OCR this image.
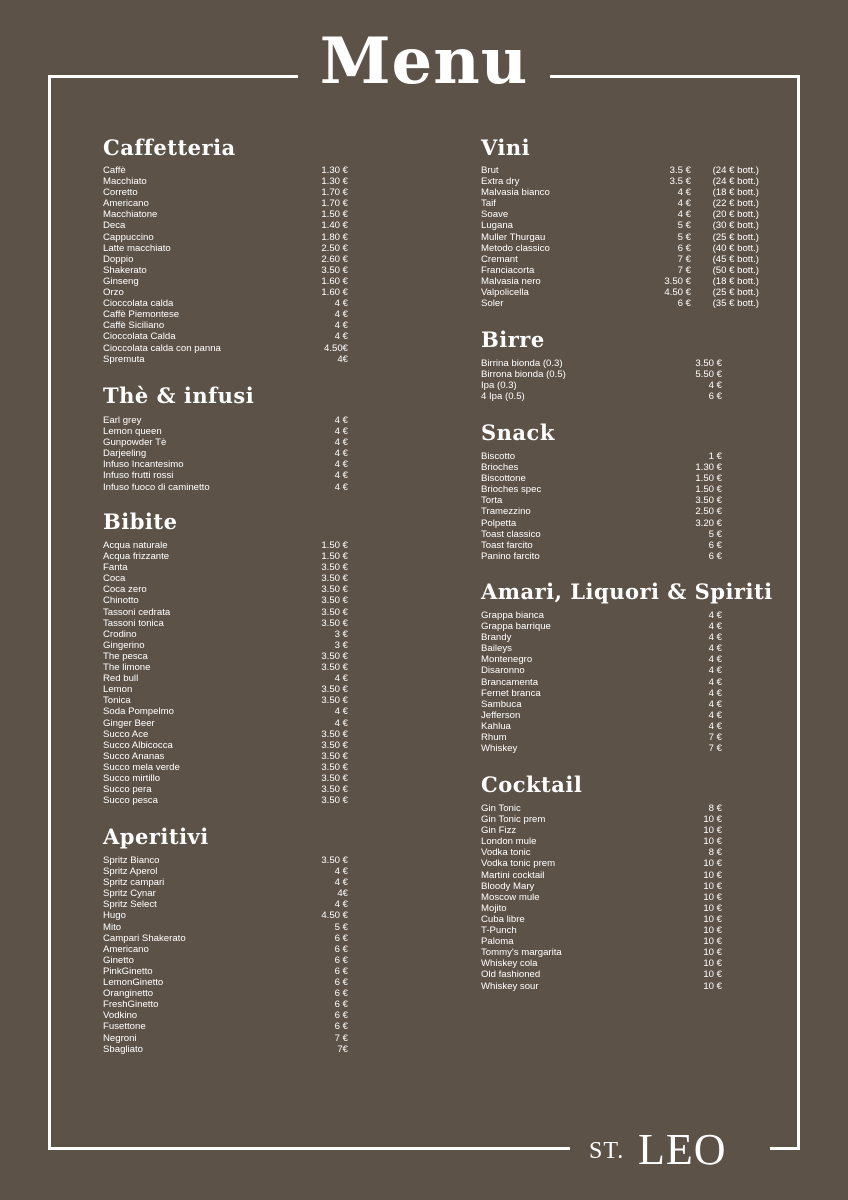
Menu
ST. LEO
Caffetteria
Caffè	1.30 €
Macchiato	1.30 €
Corretto	1.70 €
Americano	1.70 €
Macchiatone	1.50 €
Deca	1.40 €
Cappuccino	1.80 €
Latte macchiato	2.50 €
Doppio	2.60 €
Shakerato	3.50 €
Ginseng	1.60 €
Orzo	1.60 €
Cioccolata calda	4 €
Caffè Piemontese	4 €
Caffè Siciliano	4 €
Cioccolata Calda	4 €
Cioccolata calda con panna	4.50€
Spremuta	4€
Thè & infusi
Earl grey	4 €
Lemon queen	4 €
Gunpowder Tè	4 €
Darjeeling	4 €
Infuso Incantesimo	4 €
Infuso frutti rossi	4 €
Infuso fuoco di caminetto	4 €
Bibite
Acqua naturale	1.50 €
Acqua frizzante	1.50 €
Fanta	3.50 €
Coca	3.50 €
Coca zero	3.50 €
Chinotto	3.50 €
Tassoni cedrata	3.50 €
Tassoni tonica	3.50 €
Crodino	3 €
Gingerino	3 €
The pesca	3.50 €
The limone	3.50 €
Red bull	4 €
Lemon	3.50 €
Tonica	3.50 €
Soda Pompelmo	4 €
Ginger Beer	4 €
Succo Ace	3.50 €
Succo Albicocca	3.50 €
Succo Ananas	3.50 €
Succo mela verde	3.50 €
Succo mirtillo	3.50 €
Succo pera	3.50 €
Succo pesca	3.50 €
Aperitivi
Spritz Bianco	3.50 €
Spritz Aperol	4 €
Spritz campari	4 €
Spritz Cynar	4€
Spritz Select	4 €
Hugo	4.50 €
Mito	5 €
Campari Shakerato	6 €
Americano	6 €
Ginetto	6 €
PinkGinetto	6 €
LemonGinetto	6 €
Oranginetto	6 €
FreshGinetto	6 €
Vodkino	6 €
Fusettone	6 €
Negroni	7 €
Sbagliato	7€
Vini
Brut	3.5 € (24 € bott.)
Extra dry	3.5 € (24 € bott.)
Malvasia bianco	4 € (18 € bott.)
Taif	4 € (22 € bott.)
Soave	4 € (20 € bott.)
Lugana	5 € (30 € bott.)
Muller Thurgau	5 € (25 € bott.)
Metodo classico	6 € (40 € bott.)
Cremant	7 € (45 € bott.)
Franciacorta	7 € (50 € bott.)
Malvasia nero	3.50 € (18 € bott.)
Valpolicella	4.50 € (25 € bott.)
Soler	6 € (35 € bott.)
Birre
Birrina bionda (0.3)	3.50 €
Birrona bionda (0.5)	5.50 €
Ipa (0.3)	4 €
4 Ipa (0.5)	6 €
Snack
Biscotto	1 €
Brioches	1.30 €
Biscottone	1.50 €
Brioches spec	1.50 €
Torta	3.50 €
Tramezzino	2.50 €
Polpetta	3.20 €
Toast classico	5 €
Toast farcito	6 €
Panino farcito	6 €
Amari, Liquori & Spiriti
Grappa bianca	4 €
Grappa barrique	4 €
Brandy	4 €
Baileys	4 €
Montenegro	4 €
Disaronno	4 €
Brancamenta	4 €
Fernet branca	4 €
Sambuca	4 €
Jefferson	4 €
Kahlua	4 €
Rhum	7 €
Whiskey	7 €
Cocktail
Gin Tonic	8 €
Gin Tonic prem	10 €
Gin Fizz	10 €
London mule	10 €
Vodka tonic	8 €
Vodka tonic prem	10 €
Martini cocktail	10 €
Bloody Mary	10 €
Moscow mule	10 €
Mojito	10 €
Cuba libre	10 €
T-Punch	10 €
Paloma	10 €
Tommy's margarita	10 €
Whiskey cola	10 €
Old fashioned	10 €
Whiskey sour	10 €
